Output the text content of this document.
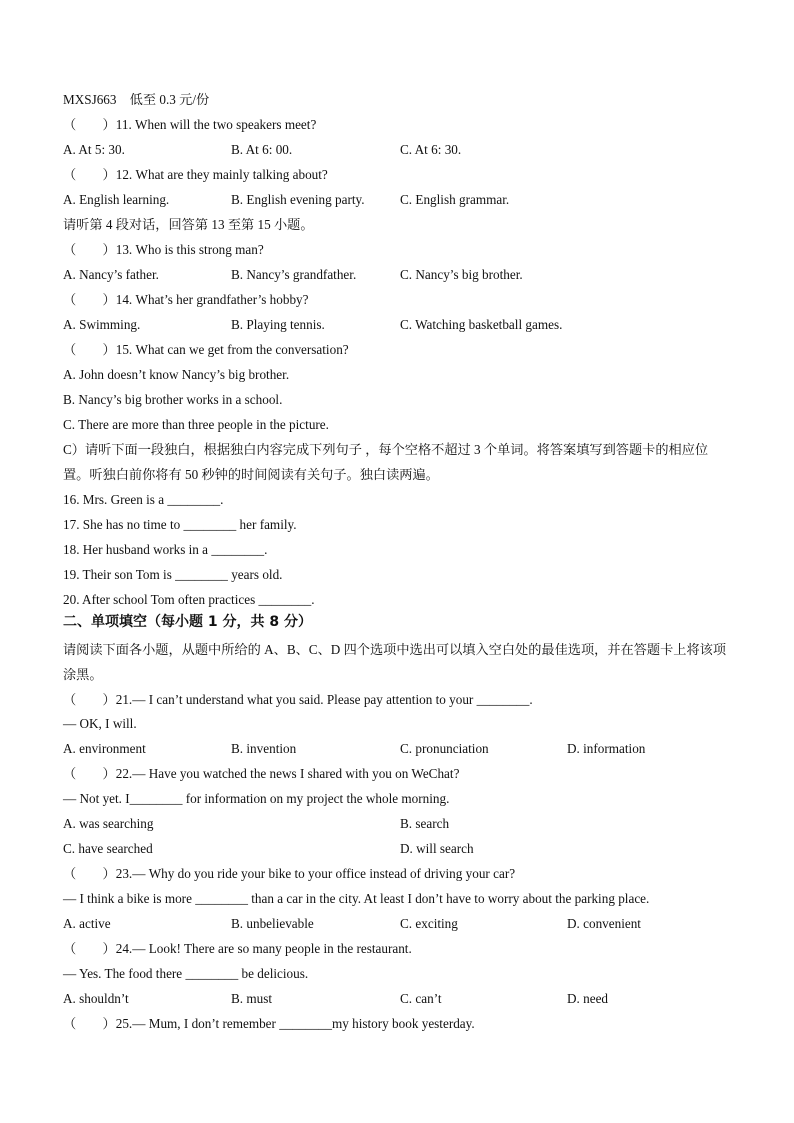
MXSJ663　低至 0.3 元/份
（　　）11. When will the two speakers meet?
A. At 5: 30.	B. At 6: 00.	C. At 6: 30.
（　　）12. What are they mainly talking about?
A. English learning.	B. English evening party.	C. English grammar.
请听第 4 段对话，回答第 13 至第 15 小题。
（　　）13. Who is this strong man?
A. Nancy’s father.	B. Nancy’s grandfather.	C. Nancy’s big brother.
（　　）14. What’s her grandfather’s hobby?
A. Swimming.	B. Playing tennis.	C. Watching basketball games.
（　　）15. What can we get from the conversation?
A. John doesn’t know Nancy’s big brother.
B. Nancy’s big brother works in a school.
C. There are more than three people in the picture.
C）请听下面一段独白，根据独白内容完成下列句子 ，每个空格不超过 3 个单词。将答案填写到答题卡的相应位置。听独白前你将有 50 秒钟的时间阅读有关句子。独白读两遍。
16. Mrs. Green is a ________.
17. She has no time to ________ her family.
18. Her husband works in a ________.
19. Their son Tom is ________ years old.
20. After school Tom often practices ________.
二、单项填空（每小题 1 分，共 8 分）
请阅读下面各小题，从题中所给的 A、B、C、D 四个选项中选出可以填入空白处的最佳选项，并在答题卡上将该项涂黑。
（　　）21.— I can’t understand what you said. Please pay attention to your ________.
— OK, I will.
A. environment	B. invention	C. pronunciation	D. information
（　　）22.— Have you watched the news I shared with you on WeChat?
— Not yet. I________ for information on my project the whole morning.
A. was searching	B. search
C. have searched	D. will search
（　　）23.— Why do you ride your bike to your office instead of driving your car?
— I think a bike is more ________ than a car in the city. At least I don’t have to worry about the parking place.
A. active	B. unbelievable	C. exciting	D. convenient
（　　）24.— Look! There are so many people in the restaurant.
— Yes. The food there ________ be delicious.
A. shouldn’t	B. must	C. can’t	D. need
（　　）25.— Mum, I don’t remember ________my history book yesterday.
